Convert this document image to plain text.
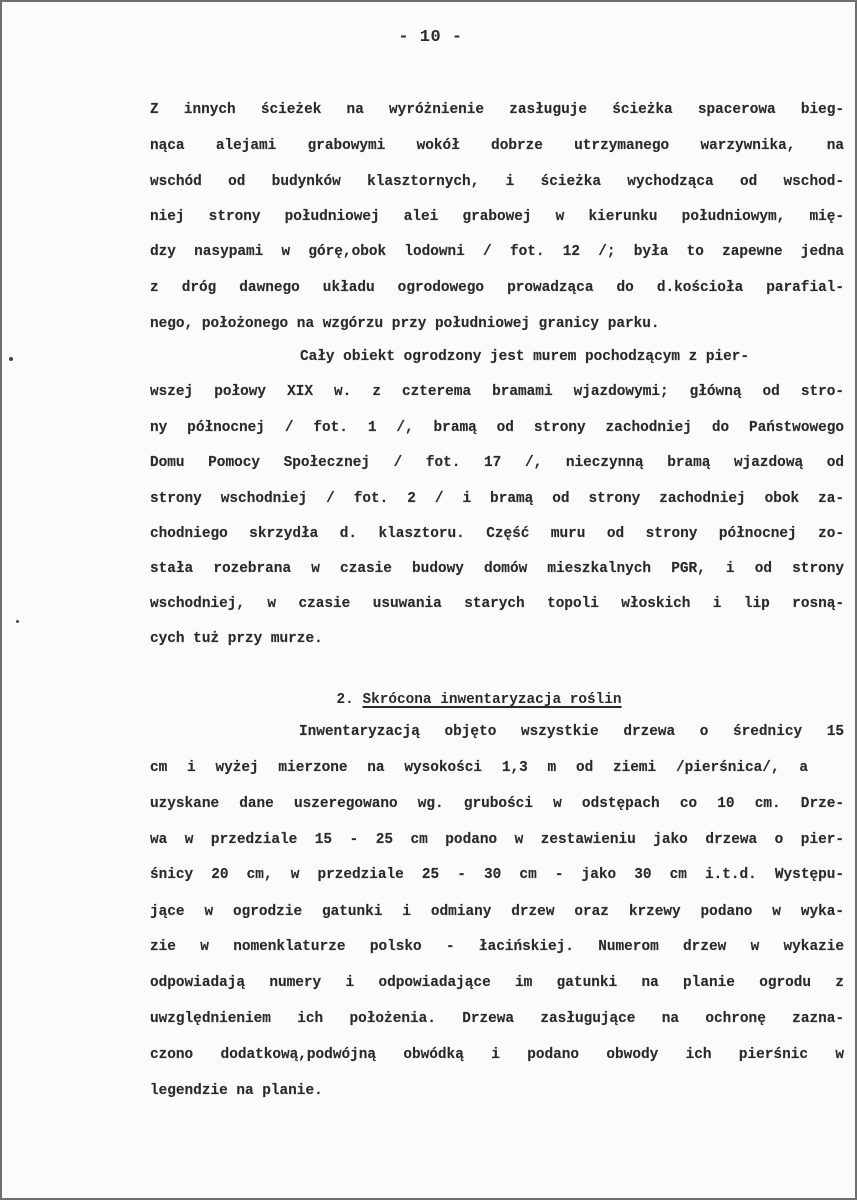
- 10 -
Z innych ścieżek na wyróżnienie zasługuje ścieżka spacerowa bieg-
nąca alejami grabowymi wokół dobrze utrzymanego warzywnika, na
wschód od budynków klasztornych, i ścieżka wychodząca od wschod-
niej strony południowej alei grabowej w kierunku południowym, mię-
dzy nasypami w górę,obok lodowni / fot. 12 /; była to zapewne jedna
z dróg dawnego układu ogrodowego prowadząca do d.kościoła parafial-
nego, położonego na wzgórzu przy południowej granicy parku.
Cały obiekt ogrodzony jest murem pochodzącym z pier-
wszej połowy XIX w. z czterema bramami wjazdowymi; główną od stro-
ny północnej / fot. 1 /, bramą od strony zachodniej do Państwowego
Domu Pomocy Społecznej / fot. 17 /, nieczynną bramą wjazdową od
strony wschodniej / fot. 2 / i bramą od strony zachodniej obok za-
chodniego skrzydła d. klasztoru. Część muru od strony północnej zo-
stała rozebrana w czasie budowy domów mieszkalnych PGR, i od strony
wschodniej, w czasie usuwania starych topoli włoskich i lip rosną-
cych tuż przy murze.

2. Skrócona inwentaryzacja roślin

Inwentaryzacją objęto wszystkie drzewa o średnicy 15
cm i wyżej mierzone na wysokości 1,3 m od ziemi /pierśnica/, a
uzyskane dane uszeregowano wg. grubości w odstępach co 10 cm. Drze-
wa w przedziale 15 - 25 cm podano w zestawieniu jako drzewa o pier-
śnicy 20 cm, w przedziale 25 - 30 cm - jako 30 cm i.t.d. Występu-
jące w ogrodzie gatunki i odmiany drzew oraz krzewy podano w wyka-
zie w nomenklaturze polsko - łacińskiej. Numerom drzew w wykazie
odpowiadają numery i odpowiadające im gatunki na planie ogrodu z
uwzględnieniem ich położenia. Drzewa zasługujące na ochronę zazna-
czono dodatkową,podwójną obwódką i podano obwody ich pierśnic w
legendzie na planie.
